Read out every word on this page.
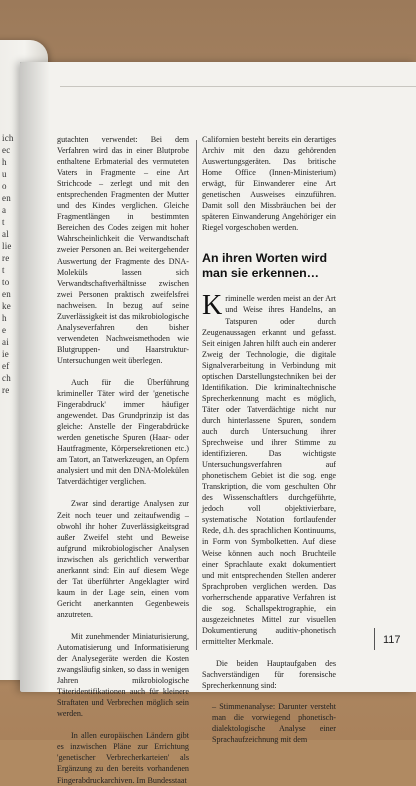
ich
ec
h
u
o
en
a
t
al
lie
re
t
to
en
ke
h
e
ai
ie
ef
ch
re

gutachten verwendet: Bei dem Verfahren wird das in einer Blutprobe enthaltene Erbmaterial des vermuteten Vaters in Fragmente – eine Art Strichcode – zerlegt und mit den entsprechenden Fragmenten der Mutter und des Kindes verglichen. Gleiche Fragmentlängen in bestimmten Bereichen des Codes zeigen mit hoher Wahrscheinlichkeit die Verwandtschaft zweier Personen an. Bei weitergehender Auswertung der Fragmente des DNA-Moleküls lassen sich Verwandtschaftverhältnisse zwischen zwei Personen praktisch zweifelsfrei nachweisen. In bezug auf seine Zuverlässigkeit ist das mikrobiologische Analyseverfahren den bisher verwendeten Nachweismethoden wie Blutgruppen- und Haarstruktur-Untersuchungen weit überlegen.

Auch für die Überführung krimineller Täter wird der 'genetische Fingerabdruck' immer häufiger angewendet. Das Grundprinzip ist das gleiche: Anstelle der Fingerabdrücke werden genetische Spuren (Haar- oder Hautfragmente, Körpersekretionen etc.) am Tatort, an Tatwerkzeugen, an Opfern analysiert und mit den DNA-Molekülen Tatverdächtiger verglichen.

Zwar sind derartige Analysen zur Zeit noch teuer und zeitaufwendig – obwohl ihr hoher Zuverlässigkeitsgrad außer Zweifel steht und Beweise aufgrund mikrobiologischer Analysen inzwischen als gerichtlich verwertbar anerkannt sind: Ein auf diesem Wege der Tat überführter Angeklagter wird kaum in der Lage sein, einen vom Gericht anerkannten Gegenbeweis anzutreten.

Mit zunehmender Miniaturisierung, Automatisierung und Informatisierung der Analysegeräte werden die Kosten zwangsläufig sinken, so dass in wenigen Jahren mikrobiologische Täteridentifikationen auch für kleinere Straftaten und Verbrechen möglich sein werden.

In allen europäischen Ländern gibt es inzwischen Pläne zur Errichtung 'genetischer Verbrecherkarteien' als Ergänzung zu den bereits vorhandenen Fingerabdruckarchiven. Im Bundesstaat

Californien besteht bereits ein derartiges Archiv mit den dazu gehörenden Auswertungsgeräten. Das britische Home Office (Innen-Ministerium) erwägt, für Einwanderer eine Art genetischen Ausweises einzuführen. Damit soll den Missbräuchen bei der späteren Einwanderung Angehöriger ein Riegel vorgeschoben werden.

An ihren Worten wird man sie erkennen…

Kriminelle werden meist an der Art und Weise ihres Handelns, an Tatspuren oder durch Zeugenaussagen erkannt und gefasst. Seit einigen Jahren hilft auch ein anderer Zweig der Technologie, die digitale Signalverarbeitung in Verbindung mit optischen Darstellungstechniken bei der Identifikation. Die kriminaltechnische Sprecherkennung macht es möglich, Täter oder Tatverdächtige nicht nur durch hinterlassene Spuren, sondern auch durch Untersuchung ihrer Sprechweise und ihrer Stimme zu identifizieren. Das wichtigste Untersuchungsverfahren auf phonetischem Gebiet ist die sog. enge Transkription, die vom geschulten Ohr des Wissenschaftlers durchgeführte, jedoch voll objektivierbare, systematische Notation fortlaufender Rede, d.h. des sprachlichen Kontinuums, in Form von Symbolketten. Auf diese Weise können auch noch Bruchteile einer Sprachlaute exakt dokumentiert und mit entsprechenden Stellen anderer Sprachproben verglichen werden. Das vorherrschende apparative Verfahren ist die sog. Schallspektrographie, ein ausgezeichnetes Mittel zur visuellen Dokumentierung auditiv-phonetisch ermittelter Merkmale.

Die beiden Hauptaufgaben des Sachverständigen für forensische Sprecherkennung sind:

– Stimmenanalyse: Darunter versteht man die vorwiegend phonetisch-dialektologische Analyse einer Sprachaufzeichnung mit dem

117
